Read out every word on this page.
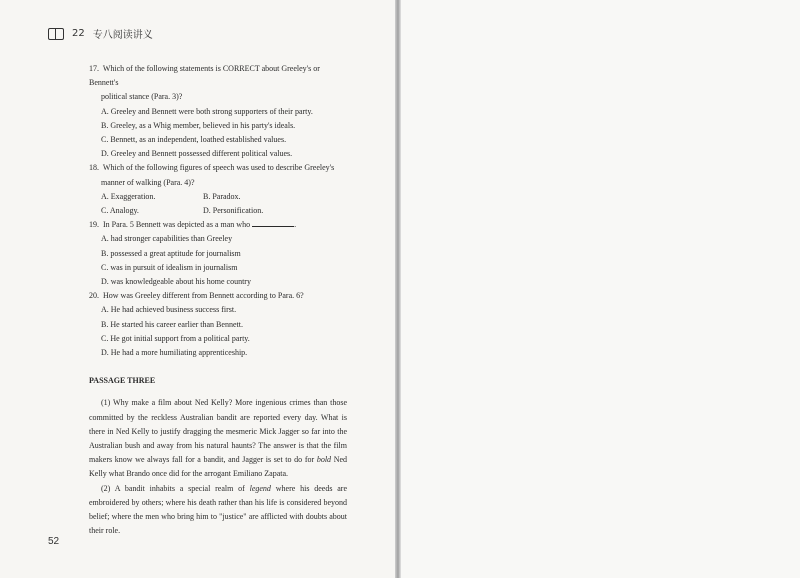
22 专八阅读讲义

17. Which of the following statements is CORRECT about Greeley's or Bennett's

political stance (Para. 3)?

A. Greeley and Bennett were both strong supporters of their party.

B. Greeley, as a Whig member, believed in his party's ideals.

C. Bennett, as an independent, loathed established values.

D. Greeley and Bennett possessed different political values.

18. Which of the following figures of speech was used to describe Greeley's

manner of walking (Para. 4)?

A. Exaggeration.	B. Paradox.
C. Analogy.	D. Personification.

19. In Para. 5 Bennett was depicted as a man who	.

A. had stronger capabilities than Greeley

B. possessed a great aptitude for journalism

C. was in pursuit of idealism in journalism

D. was knowledgeable about his home country

20. How was Greeley different from Bennett according to Para. 6?

A. He had achieved business success first.

B. He started his career earlier than Bennett.

C. He got initial support from a political party.

D. He had a more humiliating apprenticeship.

PASSAGE THREE

(1) Why make a film about Ned Kelly? More ingenious crimes than those committed by the reckless Australian bandit are reported every day. What is there in Ned Kelly to justify dragging the mesmeric Mick Jagger so far into the Australian bush and away from his natural haunts? The answer is that the film makers know we always fall for a bandit, and Jagger is set to do for bold Ned Kelly what Brando once did for the arrogant Emiliano Zapata.

(2) A bandit inhabits a special realm of legend where his deeds are embroidered by others; where his death rather than his life is considered beyond belief; where the men who bring him to "justice" are afflicted with doubts about their role.

52
